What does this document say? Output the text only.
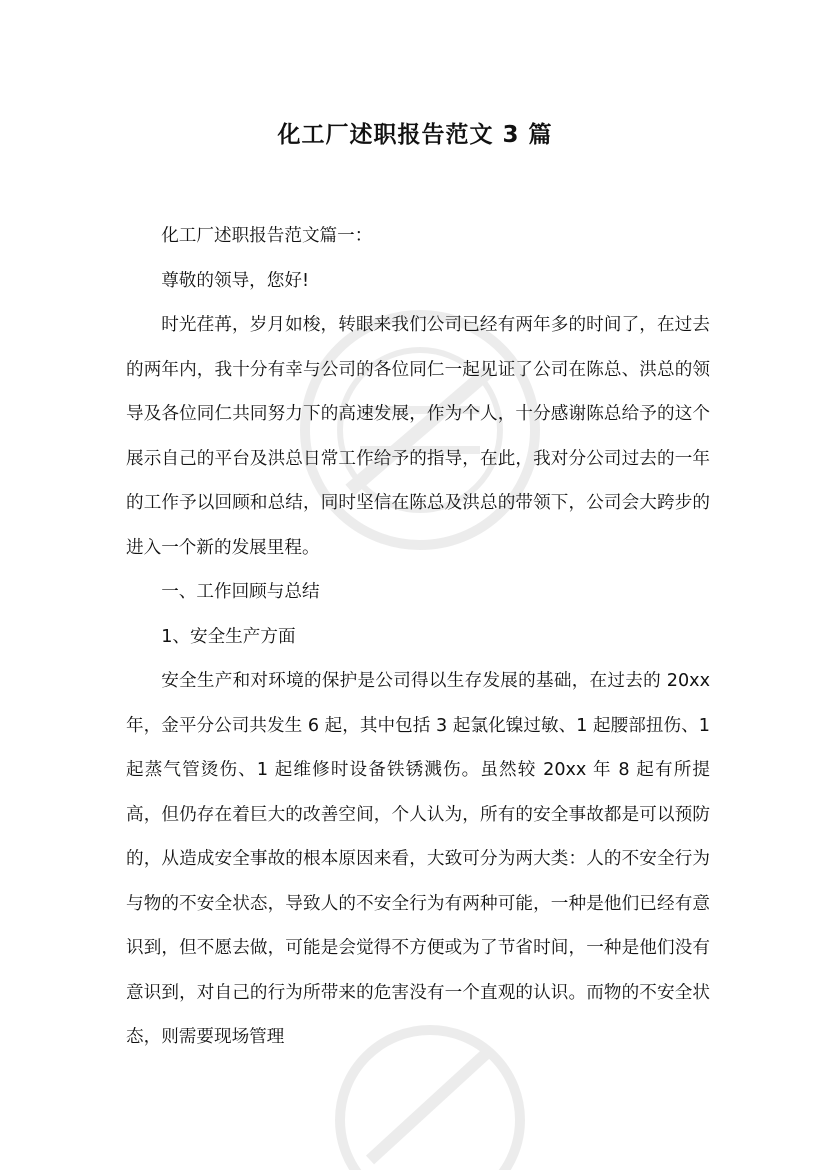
化工厂述职报告范文 3 篇

化工厂述职报告范文篇一：

尊敬的领导，您好!

时光荏苒，岁月如梭，转眼来我们公司已经有两年多的时间了，在过去的两年内，我十分有幸与公司的各位同仁一起见证了公司在陈总、洪总的领导及各位同仁共同努力下的高速发展，作为个人，十分感谢陈总给予的这个展示自己的平台及洪总日常工作给予的指导，在此，我对分公司过去的一年的工作予以回顾和总结，同时坚信在陈总及洪总的带领下，公司会大跨步的进入一个新的发展里程。

一、工作回顾与总结

1、安全生产方面

安全生产和对环境的保护是公司得以生存发展的基础，在过去的 20xx 年，金平分公司共发生 6 起，其中包括 3 起氯化镍过敏、1 起腰部扭伤、1 起蒸气管烫伤、1 起维修时设备铁锈溅伤。虽然较 20xx 年 8 起有所提高，但仍存在着巨大的改善空间，个人认为，所有的安全事故都是可以预防的，从造成安全事故的根本原因来看，大致可分为两大类：人的不安全行为与物的不安全状态，导致人的不安全行为有两种可能，一种是他们已经有意识到，但不愿去做，可能是会觉得不方便或为了节省时间，一种是他们没有意识到，对自己的行为所带来的危害没有一个直观的认识。而物的不安全状态，则需要现场管理
